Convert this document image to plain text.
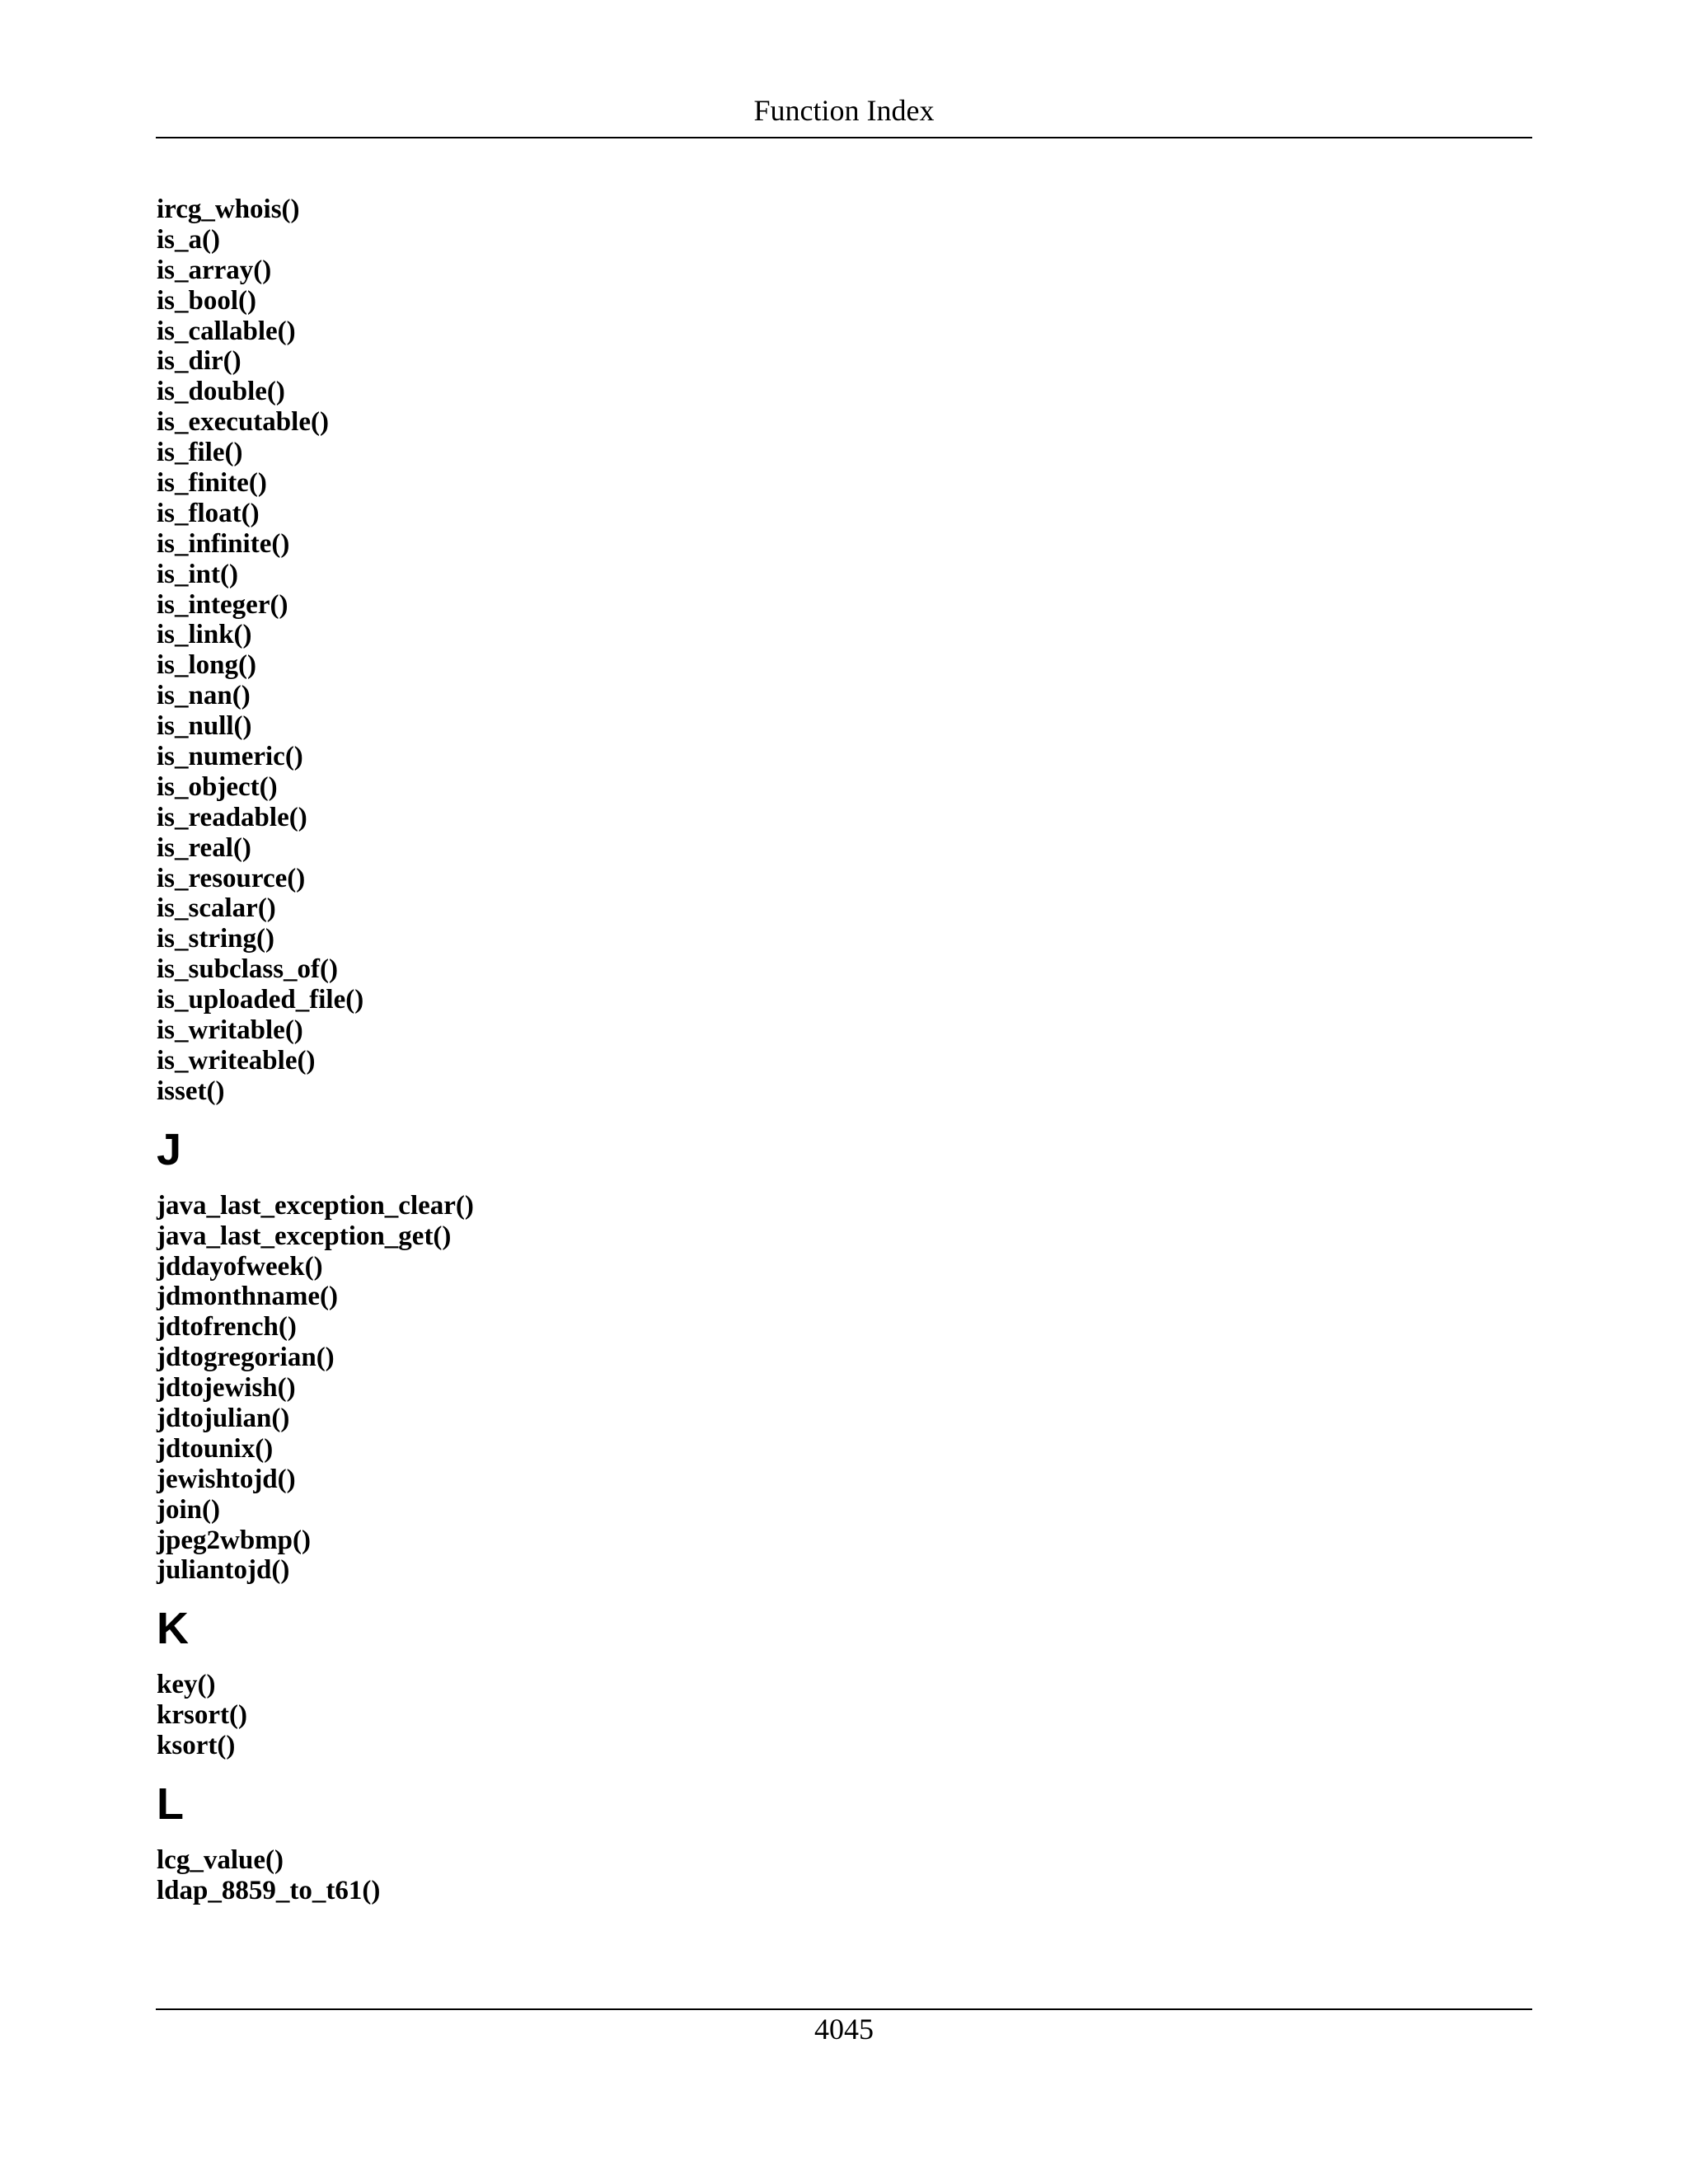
Function Index
ircg_whois()
is_a()
is_array()
is_bool()
is_callable()
is_dir()
is_double()
is_executable()
is_file()
is_finite()
is_float()
is_infinite()
is_int()
is_integer()
is_link()
is_long()
is_nan()
is_null()
is_numeric()
is_object()
is_readable()
is_real()
is_resource()
is_scalar()
is_string()
is_subclass_of()
is_uploaded_file()
is_writable()
is_writeable()
isset()
J
java_last_exception_clear()
java_last_exception_get()
jddayofweek()
jdmonthname()
jdtofrench()
jdtogregorian()
jdtojewish()
jdtojulian()
jdtounix()
jewishtojd()
join()
jpeg2wbmp()
juliantojd()
K
key()
krsort()
ksort()
L
lcg_value()
ldap_8859_to_t61()
4045
